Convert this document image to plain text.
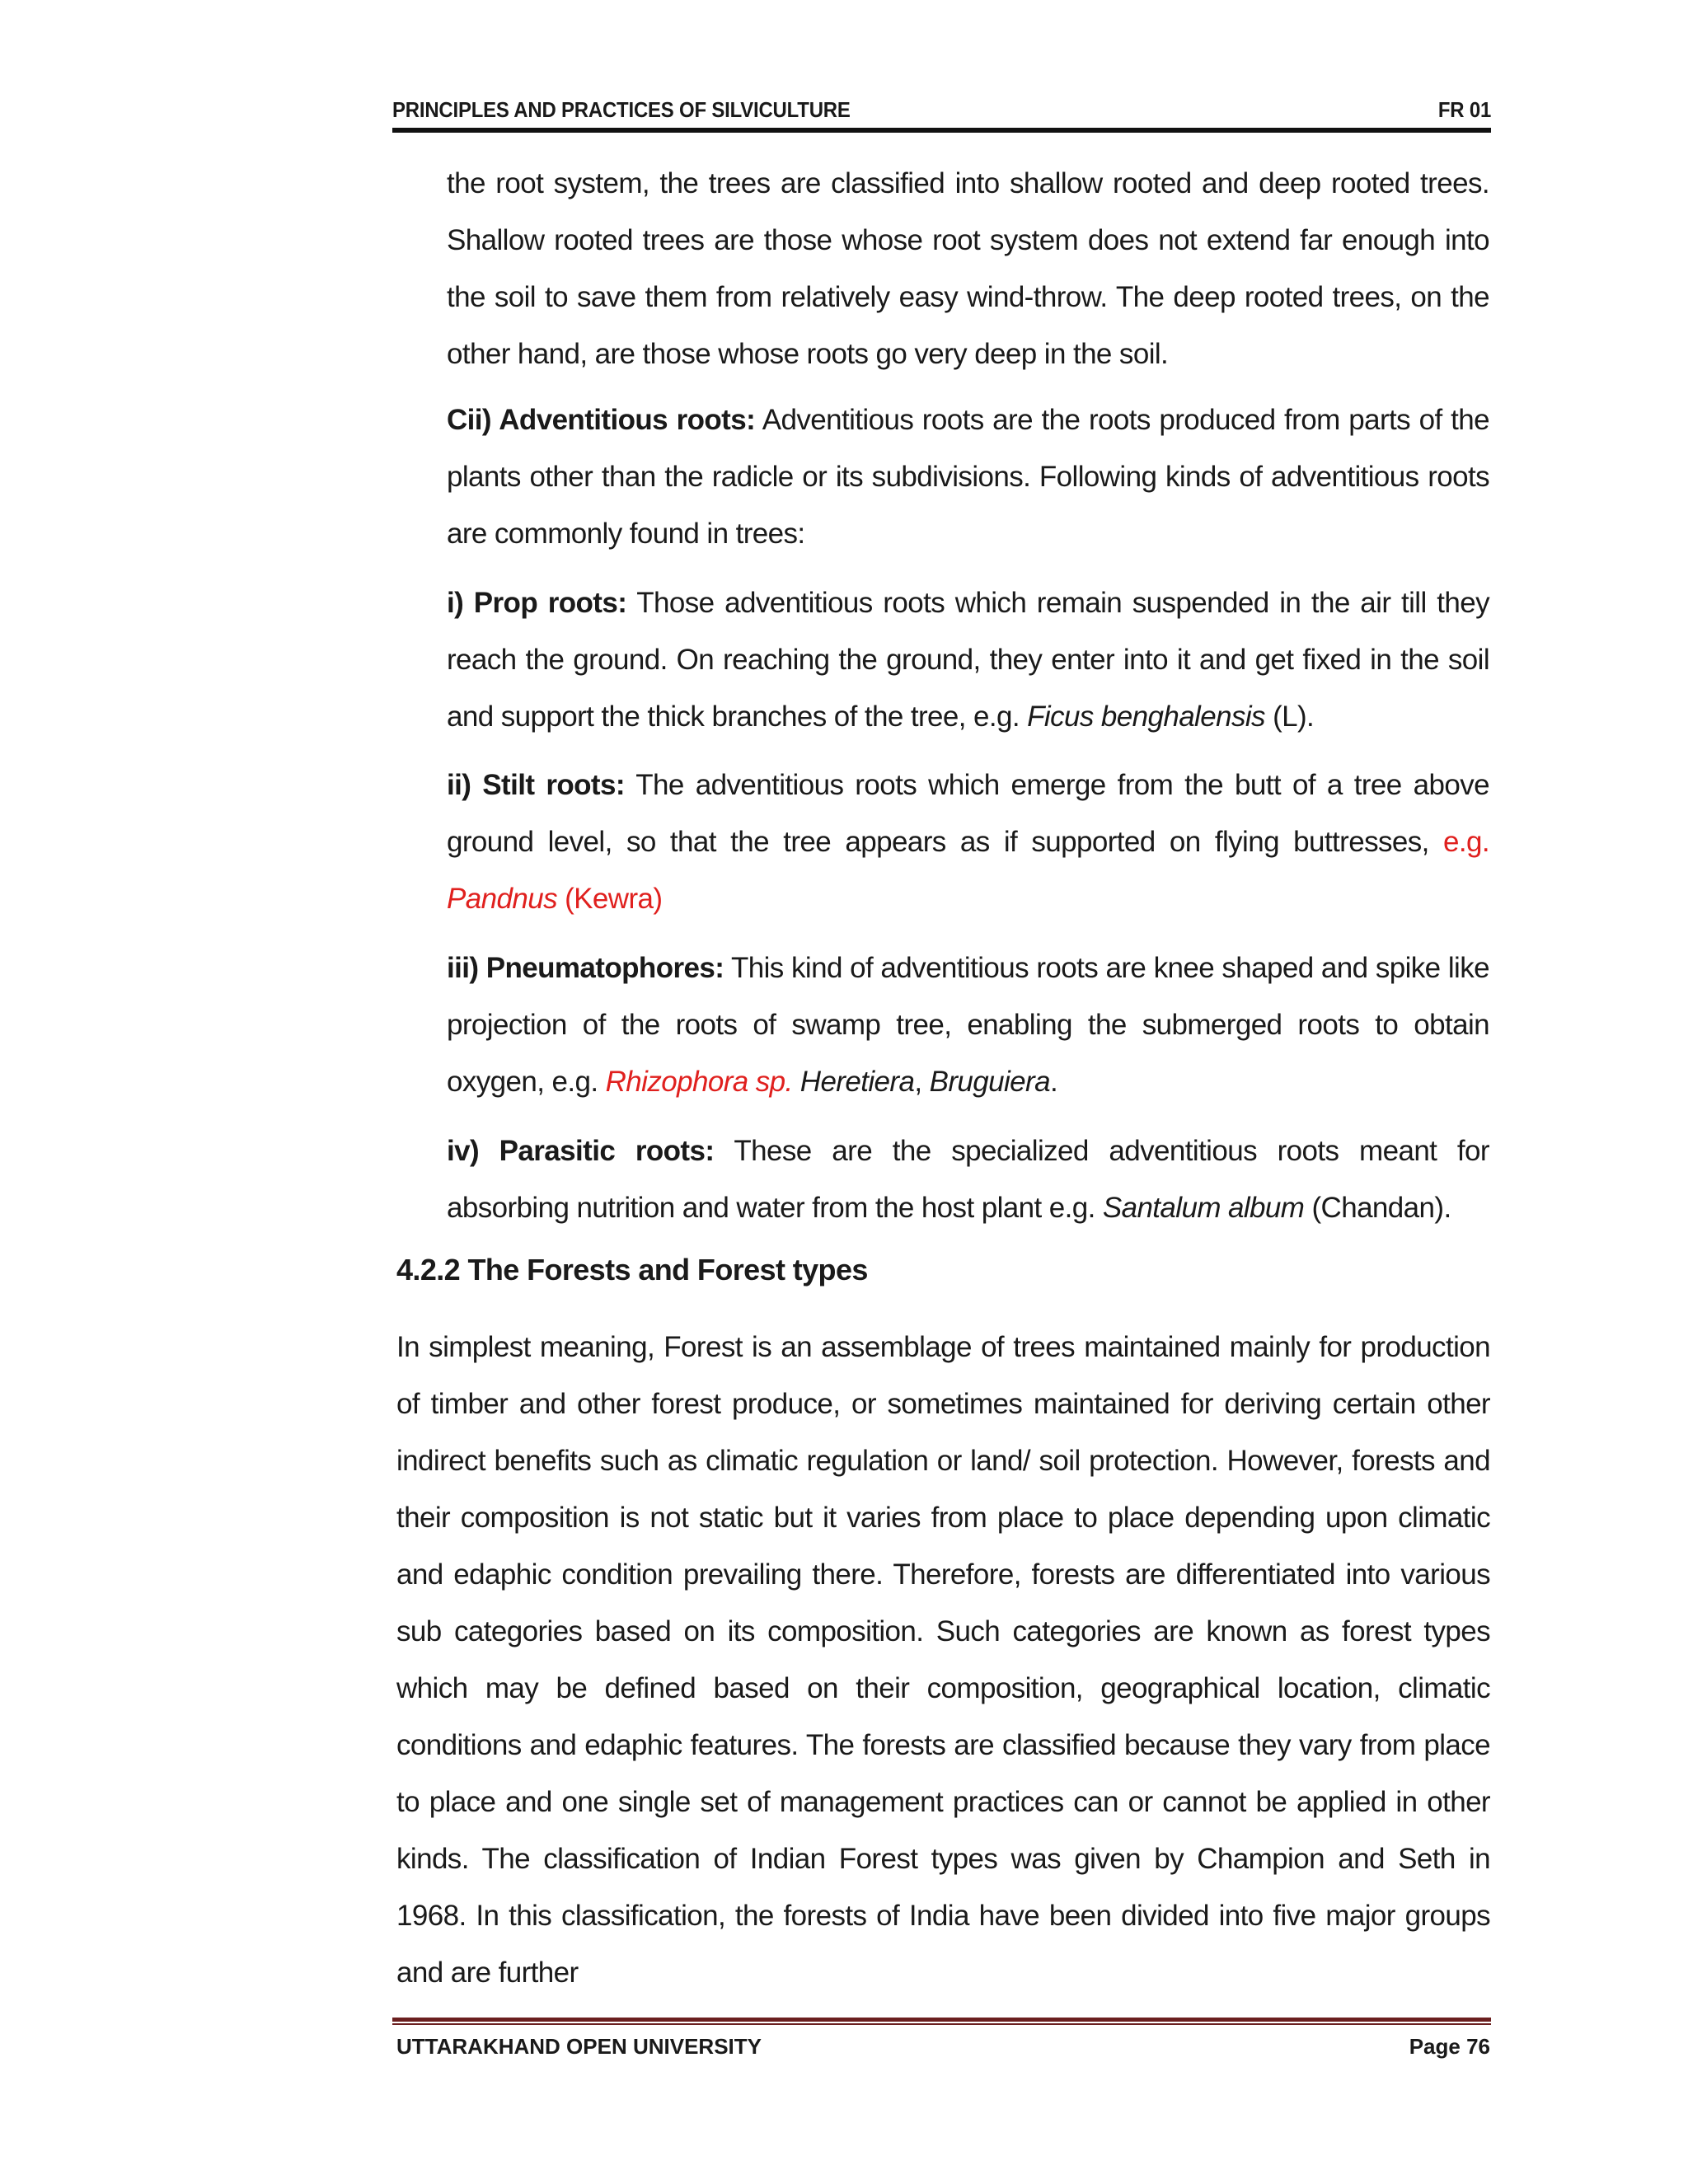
PRINCIPLES AND PRACTICES OF SILVICULTURE	FR 01

the root system, the trees are classified into shallow rooted and deep rooted trees. Shallow rooted trees are those whose root system does not extend far enough into the soil to save them from relatively easy wind-throw. The deep rooted trees, on the other hand, are those whose roots go very deep in the soil.

Cii) Adventitious roots: Adventitious roots are the roots produced from parts of the plants other than the radicle or its subdivisions. Following kinds of adventitious roots are commonly found in trees:

i) Prop roots: Those adventitious roots which remain suspended in the air till they reach the ground. On reaching the ground, they enter into it and get fixed in the soil and support the thick branches of the tree, e.g. Ficus benghalensis (L).

ii) Stilt roots: The adventitious roots which emerge from the butt of a tree above ground level, so that the tree appears as if supported on flying buttresses, e.g. Pandnus (Kewra)

iii) Pneumatophores: This kind of adventitious roots are knee shaped and spike like projection of the roots of swamp tree, enabling the submerged roots to obtain oxygen, e.g. Rhizophora sp. Heretiera, Bruguiera.

iv) Parasitic roots: These are the specialized adventitious roots meant for absorbing nutrition and water from the host plant e.g. Santalum album (Chandan).

4.2.2 The Forests and Forest types

In simplest meaning, Forest is an assemblage of trees maintained mainly for production of timber and other forest produce, or sometimes maintained for deriving certain other indirect benefits such as climatic regulation or land/ soil protection. However, forests and their composition is not static but it varies from place to place depending upon climatic and edaphic condition prevailing there. Therefore, forests are differentiated into various sub categories based on its composition. Such categories are known as forest types which may be defined based on their composition, geographical location, climatic conditions and edaphic features. The forests are classified because they vary from place to place and one single set of management practices can or cannot be applied in other kinds. The classification of Indian Forest types was given by Champion and Seth in 1968. In this classification, the forests of India have been divided into five major groups and are further

UTTARAKHAND OPEN UNIVERSITY	Page 76
